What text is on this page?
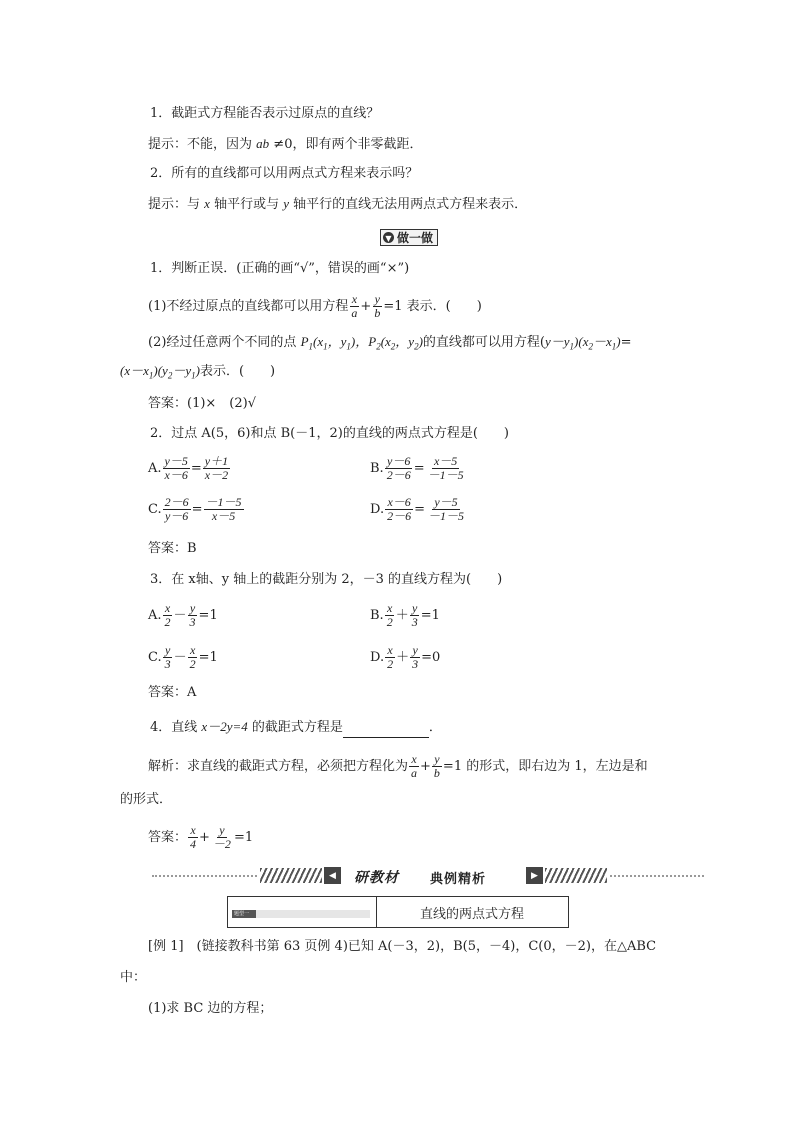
1．截距式方程能否表示过原点的直线？
提示：不能，因为 ab ≠0，即有两个非零截距．
2．所有的直线都可以用两点式方程来表示吗？
提示：与 x 轴平行或与 y 轴平行的直线无法用两点式方程来表示．
▼ 做一做
1．判断正误．(正确的画“√”，错误的画“×”)
(1)不经过原点的直线都可以用方程 $\frac{x}{a} + \frac{y}{b} =1$ 表示．(　　)
(2)经过任意两个不同的点 $P_1(x_1$，$y_1$)，$P_2(x_2$，$y_2$)的直线都可以用方程$(y-y_1)(x_2-x_1)=$
$(x-x_1)(y_2-y_1)$表示．(　　)
答案：(1)×　(2)√
2．过点 A(5，6)和点 B(－1，2)的直线的两点式方程是(　　)
A. $\frac{y-5}{x-6} = \frac{y+1}{x-2}$	B. $\frac{y-6}{2-6} = \frac{x-5}{-1-5}$
C. $\frac{2-6}{y-6} = \frac{-1-5}{x-5}$	D. $\frac{x-6}{2-6} = \frac{y-5}{-1-5}$
答案：B
3．在 x轴、y 轴上的截距分别为 2，－3 的直线方程为(　　)
A. $\frac{x}{2} - \frac{y}{3} =1$	B. $\frac{x}{2} + \frac{y}{3} =1$
C. $\frac{y}{3} - \frac{x}{2} =1$	D. $\frac{x}{2} + \frac{y}{3} =0$
答案：A
4．直线 x－2y=4 的截距式方程是	．
解析：求直线的截距式方程，必须把方程化为 $\frac{x}{a} + \frac{y}{b} =1$ 的形式，即右边为 1，左边是和
的形式．
答案： $\frac{x}{4} + \frac{y}{-2} =1$
◀	研教材 典例精析	▶
题型一	直线的两点式方程
[例 1]　(链接教科书第 63 页例 4)已知 A(－3，2)，B(5，－4)，C(0，－2)，在△ABC
中：
(1)求 BC 边的方程；
